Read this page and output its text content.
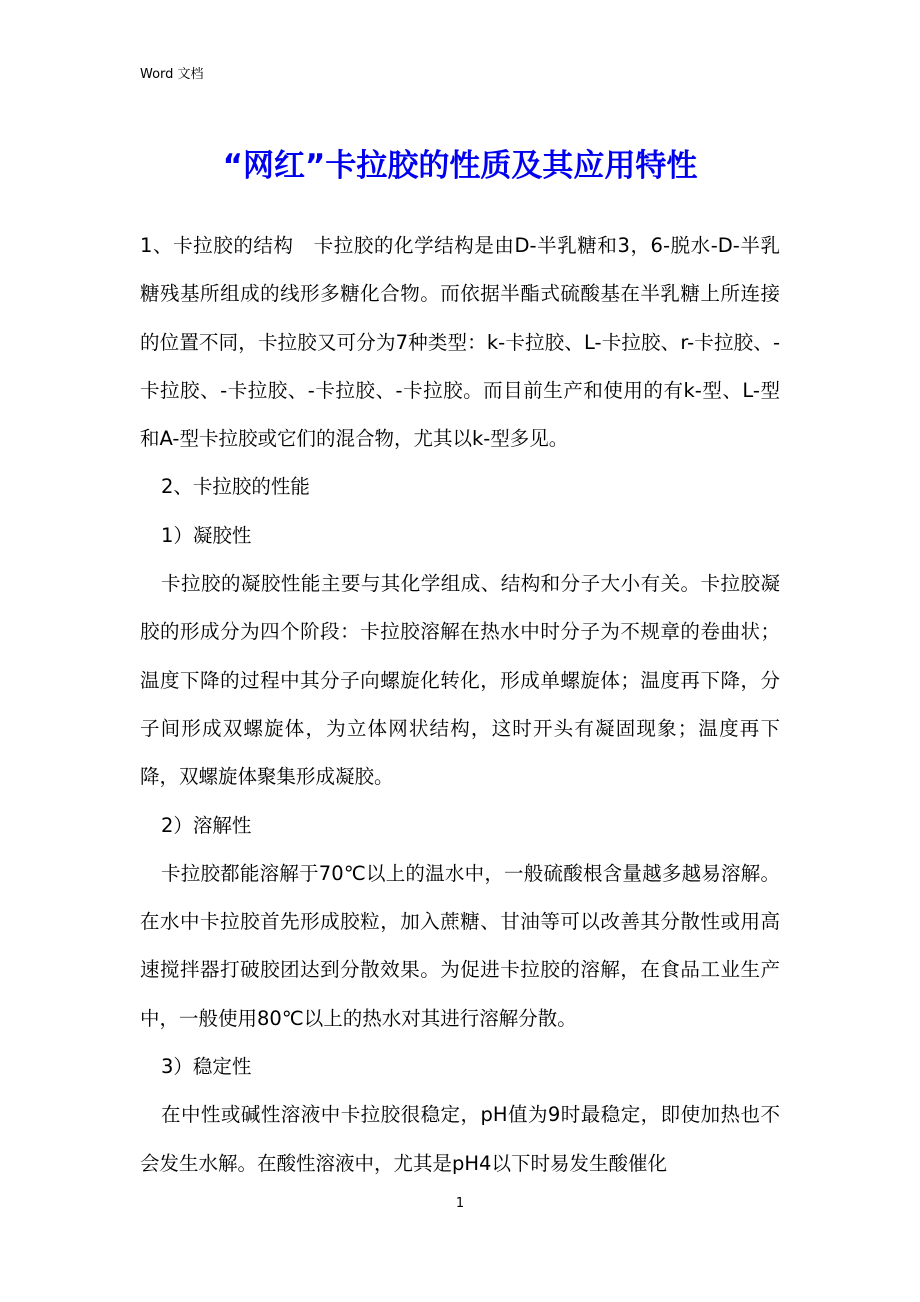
Word 文档
“网红”卡拉胶的性质及其应用特性

1、卡拉胶的结构　卡拉胶的化学结构是由D-半乳糖和3，6-脱水-D-半乳糖残基所组成的线形多糖化合物。而依据半酯式硫酸基在半乳糖上所连接的位置不同，卡拉胶又可分为7种类型：k-卡拉胶、L-卡拉胶、r-卡拉胶、-卡拉胶、-卡拉胶、-卡拉胶、-卡拉胶。而目前生产和使用的有k-型、L-型和A-型卡拉胶或它们的混合物，尤其以k-型多见。

2、卡拉胶的性能

1）凝胶性

卡拉胶的凝胶性能主要与其化学组成、结构和分子大小有关。卡拉胶凝胶的形成分为四个阶段：卡拉胶溶解在热水中时分子为不规章的卷曲状；温度下降的过程中其分子向螺旋化转化，形成单螺旋体；温度再下降，分子间形成双螺旋体，为立体网状结构，这时开头有凝固现象；温度再下降，双螺旋体聚集形成凝胶。

2）溶解性

卡拉胶都能溶解于70℃以上的温水中，一般硫酸根含量越多越易溶解。在水中卡拉胶首先形成胶粒，加入蔗糖、甘油等可以改善其分散性或用高速搅拌器打破胶团达到分散效果。为促进卡拉胶的溶解，在食品工业生产中，一般使用80℃以上的热水对其进行溶解分散。

3）稳定性

在中性或碱性溶液中卡拉胶很稳定，pH值为9时最稳定，即使加热也不会发生水解。在酸性溶液中，尤其是pH4以下时易发生酸催化

1
